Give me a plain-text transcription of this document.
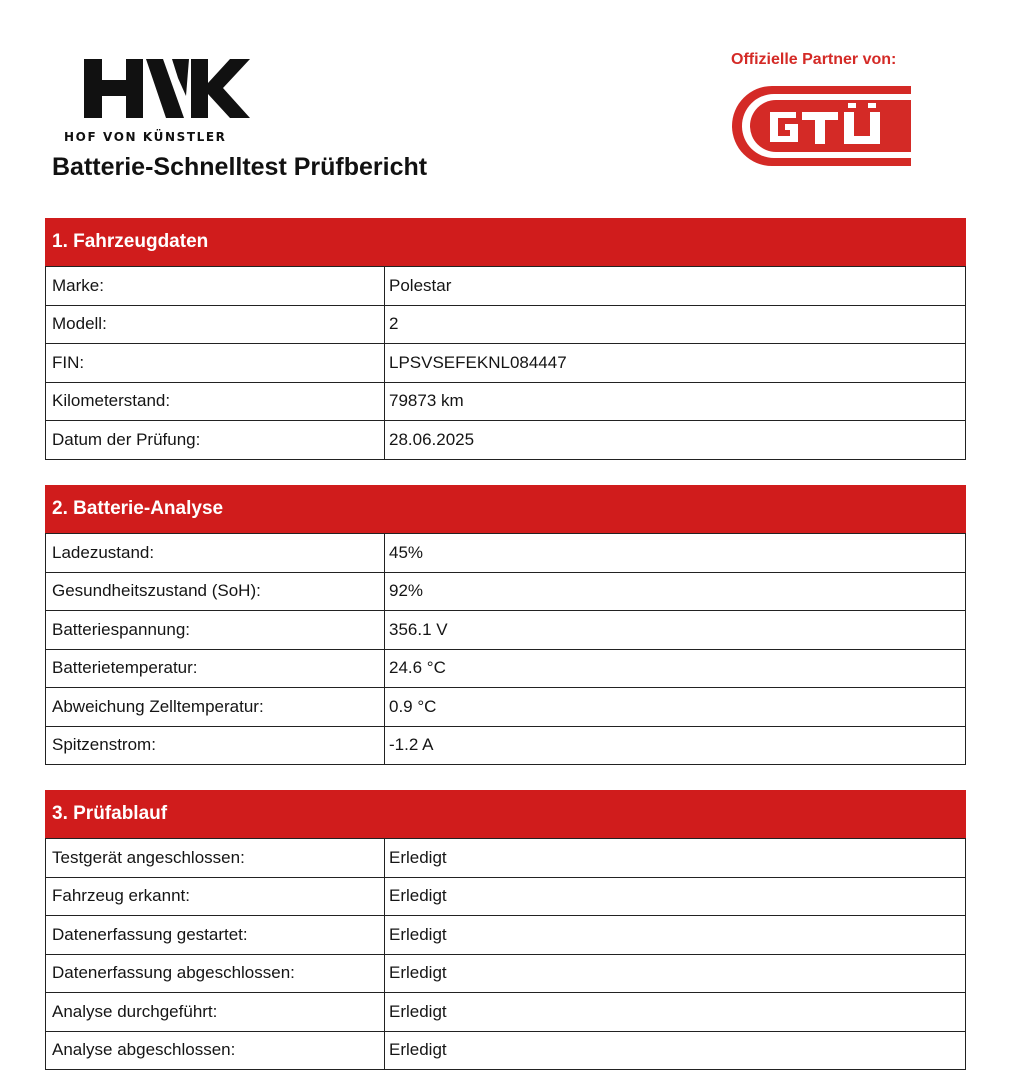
HOF VON KÜNSTLER
Batterie-Schnelltest Prüfbericht
Offizielle Partner von:
1. Fahrzeugdaten
Marke:	Polestar
Modell:	2
FIN:	LPSVSEFEKNL084447
Kilometerstand:	79873 km
Datum der Prüfung:	28.06.2025
2. Batterie-Analyse
Ladezustand:	45%
Gesundheitszustand (SoH):	92%
Batteriespannung:	356.1 V
Batterietemperatur:	24.6 °C
Abweichung Zelltemperatur:	0.9 °C
Spitzenstrom:	-1.2 A
3. Prüfablauf
Testgerät angeschlossen:	Erledigt
Fahrzeug erkannt:	Erledigt
Datenerfassung gestartet:	Erledigt
Datenerfassung abgeschlossen:	Erledigt
Analyse durchgeführt:	Erledigt
Analyse abgeschlossen:	Erledigt
